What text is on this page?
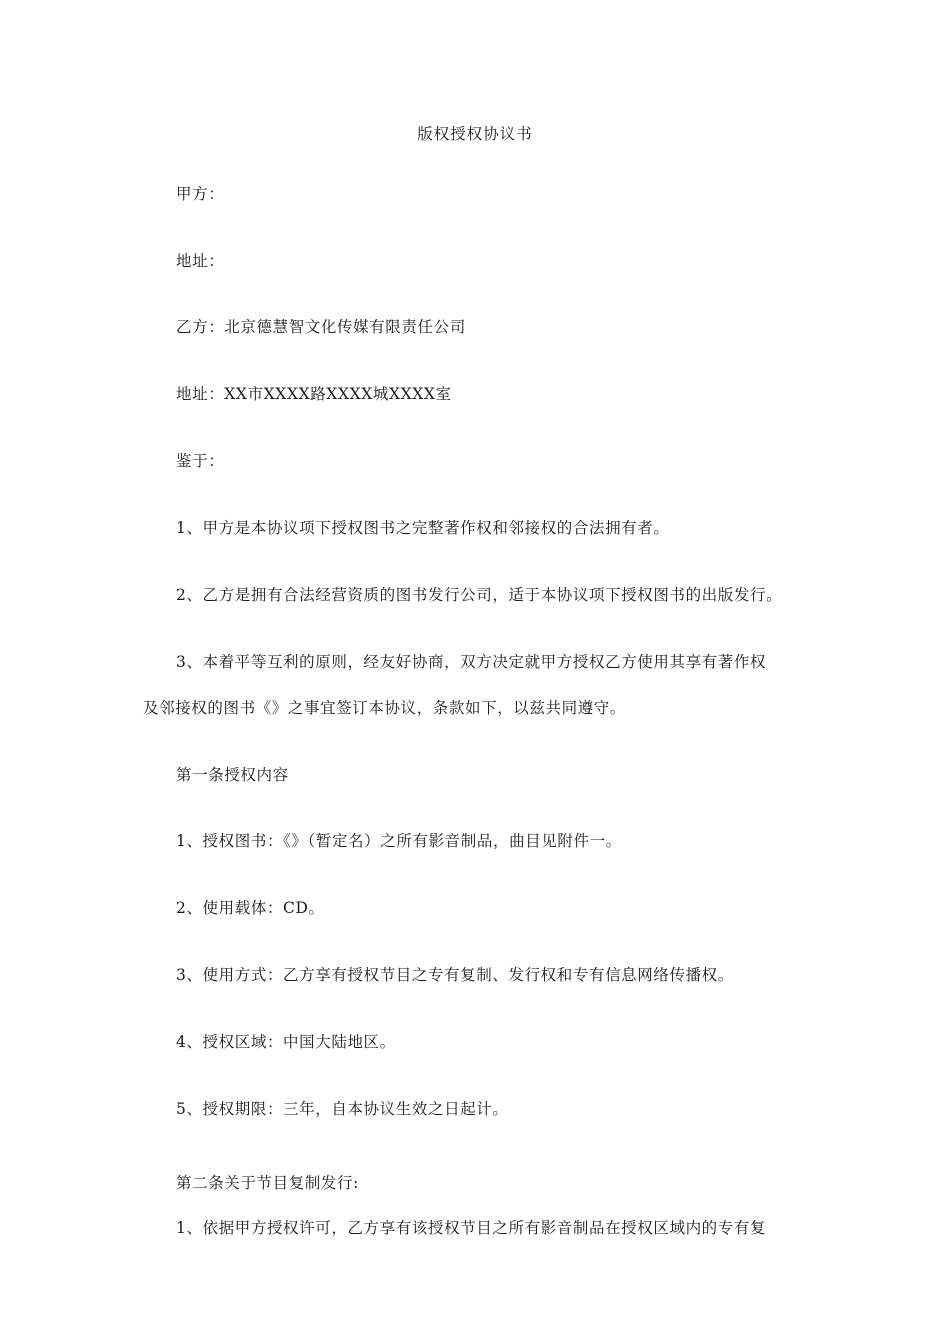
版权授权协议书
甲方：
地址：
乙方：北京德慧智文化传媒有限责任公司
地址：XX市XXXX路XXXX城XXXX室
鉴于：
1、甲方是本协议项下授权图书之完整著作权和邻接权的合法拥有者。
2、乙方是拥有合法经营资质的图书发行公司，适于本协议项下授权图书的出版发行。
3、本着平等互利的原则，经友好协商，双方决定就甲方授权乙方使用其享有著作权
及邻接权的图书《》之事宜签订本协议，条款如下，以兹共同遵守。
第一条授权内容
1、授权图书：《》（暂定名）之所有影音制品，曲目见附件一。
2、使用载体：CD。
3、使用方式：乙方享有授权节目之专有复制、发行权和专有信息网络传播权。
4、授权区域：中国大陆地区。
5、授权期限：三年，自本协议生效之日起计。
第二条关于节目复制发行:
1、依据甲方授权许可，乙方享有该授权节目之所有影音制品在授权区域内的专有复
